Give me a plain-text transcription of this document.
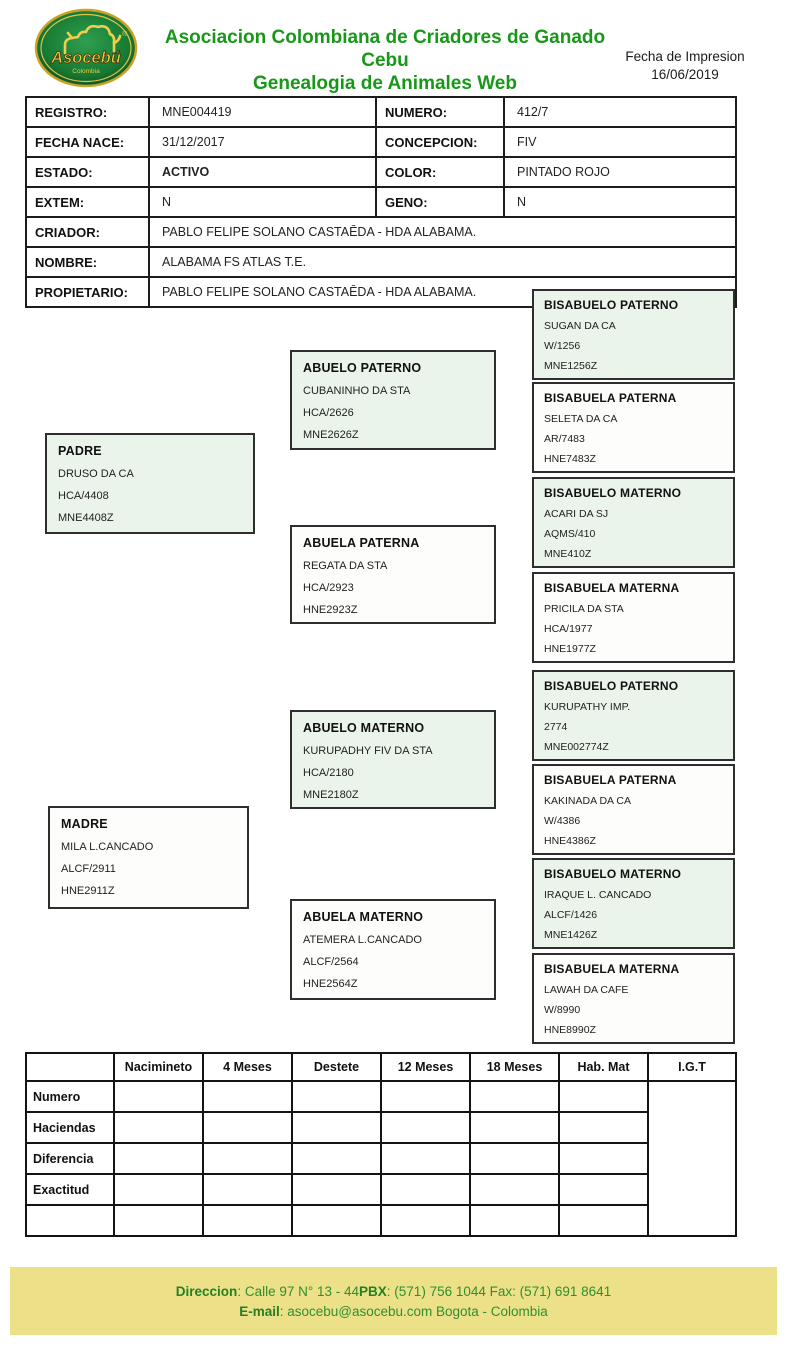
Asocebú
®
Colombia
Asociacion Colombiana de Criadores de Ganado Cebu
Genealogia de Animales Web
Fecha de Impresion
16/06/2019
REGISTRO:	MNE004419	NUMERO:	412/7
FECHA NACE:	31/12/2017	CONCEPCION:	FIV
ESTADO:	ACTIVO	COLOR:	PINTADO ROJO
EXTEM:	N	GENO:	N
CRIADOR:	PABLO FELIPE SOLANO CASTAĒDA - HDA ALABAMA.		
NOMBRE:	ALABAMA FS ATLAS T.E.		
PROPIETARIO:	PABLO FELIPE SOLANO CASTAĒDA - HDA ALABAMA.		
PADRE
DRUSO DA CA
HCA/4408
MNE4408Z
MADRE
MILA L.CANCADO
ALCF/2911
HNE2911Z
ABUELO PATERNO
CUBANINHO DA STA
HCA/2626
MNE2626Z
ABUELA PATERNA
REGATA DA STA
HCA/2923
HNE2923Z
ABUELO MATERNO
KURUPADHY FIV DA STA
HCA/2180
MNE2180Z
ABUELA MATERNO
ATEMERA L.CANCADO
ALCF/2564
HNE2564Z
BISABUELO PATERNO
SUGAN DA CA
W/1256
MNE1256Z
BISABUELA PATERNA
SELETA DA CA
AR/7483
HNE7483Z
BISABUELO MATERNO
ACARI DA SJ
AQMS/410
MNE410Z
BISABUELA MATERNA
PRICILA DA STA
HCA/1977
HNE1977Z
BISABUELO PATERNO
KURUPATHY IMP.
2774
MNE002774Z
BISABUELA PATERNA
KAKINADA DA CA
W/4386
HNE4386Z
BISABUELO MATERNO
IRAQUE L. CANCADO
ALCF/1426
MNE1426Z
BISABUELA MATERNA
LAWAH DA CAFE
W/8990
HNE8990Z
	Nacimineto	4 Meses	Destete	12 Meses	18 Meses	Hab. Mat	I.G.T
Numero							
Haciendas							
Diferencia							
Exactitud							

Direccion: Calle 97 N° 13 - 44PBX: (571) 756 1044 Fax: (571) 691 8641
E-mail: asocebu@asocebu.com Bogota - Colombia
